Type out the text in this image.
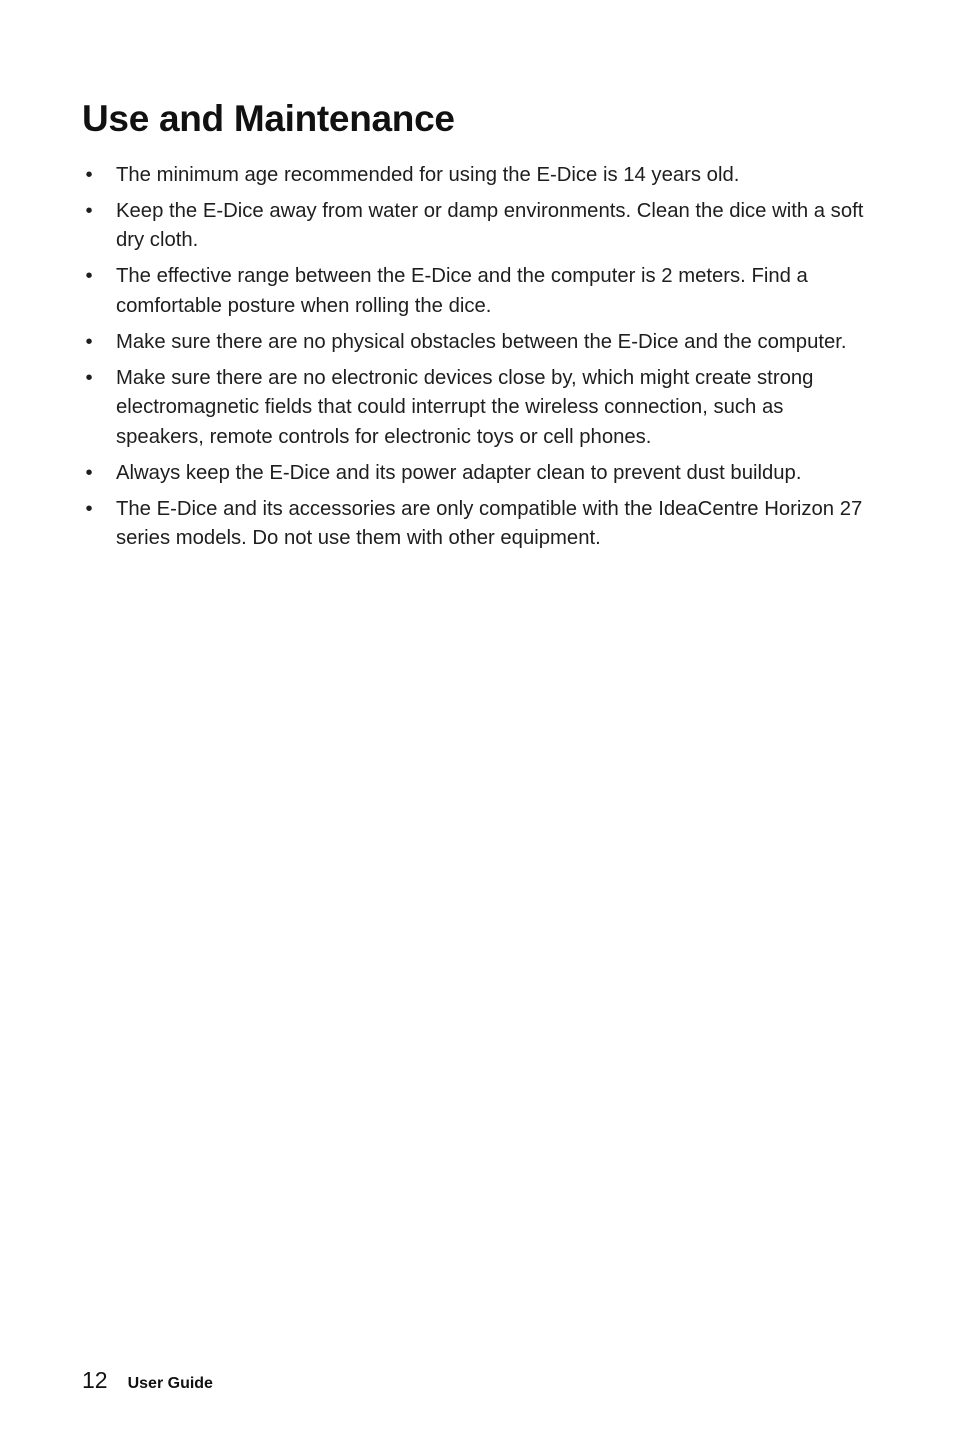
Use and Maintenance
• The minimum age recommended for using the E-Dice is 14 years old.
• Keep the E-Dice away from water or damp environments. Clean the dice with a soft dry cloth.
• The effective range between the E-Dice and the computer is 2 meters. Find a comfortable posture when rolling the dice.
• Make sure there are no physical obstacles between the E-Dice and the computer.
• Make sure there are no electronic devices close by, which might create strong electromagnetic fields that could interrupt the wireless connection, such as speakers, remote controls for electronic toys or cell phones.
• Always keep the E-Dice and its power adapter clean to prevent dust buildup.
• The E-Dice and its accessories are only compatible with the IdeaCentre Horizon 27 series models. Do not use them with other equipment.
12 User Guide
